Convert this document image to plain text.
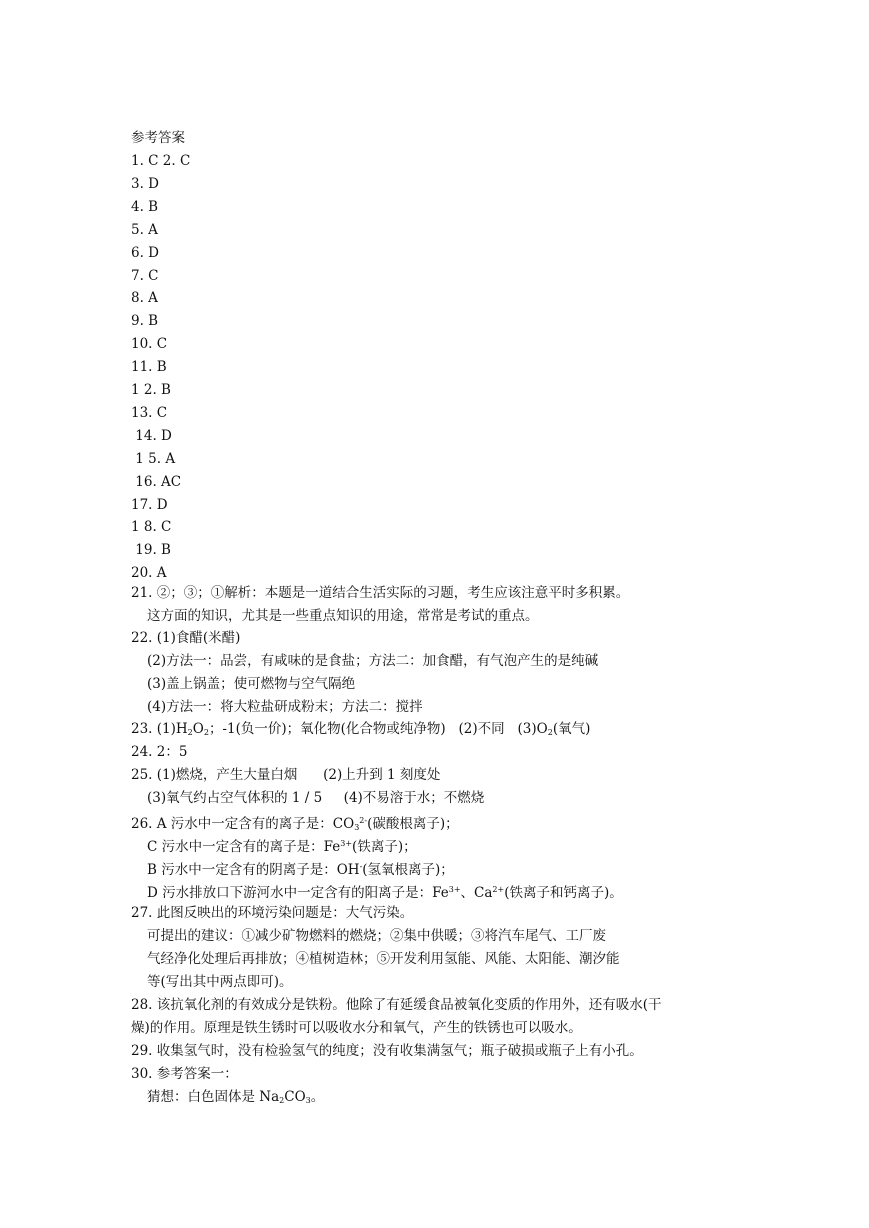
参考答案
1. C 2. C
3. D
4. B
5. A
6. D
7. C
8. A
9. B
10. C
11. B
1 2. B
13. C
14. D
1 5. A
16. AC
17. D
1 8. C
19. B
20. A
21. ②；③；①解析：本题是一道结合生活实际的习题，考生应该注意平时多积累。
这方面的知识，尤其是一些重点知识的用途，常常是考试的重点。
22. (1)食醋(米醋)
(2)方法一：品尝，有咸味的是食盐；方法二：加食醋，有气泡产生的是纯碱
(3)盖上锅盖；使可燃物与空气隔绝
(4)方法一：将大粒盐研成粉末；方法二：搅拌
23. $(1)H_2O_2$；-1(负一价)；氧化物(化合物或纯净物)   (2)不同   $(3)O_2$(氧气)
24. 2：5
25. (1)燃烧，产生大量白烟      (2)上升到 1 刻度处
(3)氧气约占空气体积的 1 / 5     (4)不易溶于水；不燃烧
26. A 污水中一定含有的离子是：$CO_3^{2-}$(碳酸根离子)；
C 污水中一定含有的离子是：$Fe^{3+}$(铁离子)；
B 污水中一定含有的阴离子是：OH-(氢氧根离子)；
D 污水排放口下游河水中一定含有的阳离子是：$Fe^{3+}$、$Ca^{2+}$(铁离子和钙离子)。
27. 此图反映出的环境污染问题是：大气污染。
可提出的建议：①减少矿物燃料的燃烧；②集中供暖；③将汽车尾气、工厂废
气经净化处理后再排放；④植树造林；⑤开发利用氢能、风能、太阳能、潮汐能
等(写出其中两点即可)。
28. 该抗氧化剂的有效成分是铁粉。他除了有延缓食品被氧化变质的作用外，还有吸水(干
燥)的作用。原理是铁生锈时可以吸收水分和氧气，产生的铁锈也可以吸水。
29. 收集氢气时，没有检验氢气的纯度；没有收集满氢气；瓶子破损或瓶子上有小孔。
30. 参考答案一：
猜想：白色固体是 $Na_2CO_3$。
